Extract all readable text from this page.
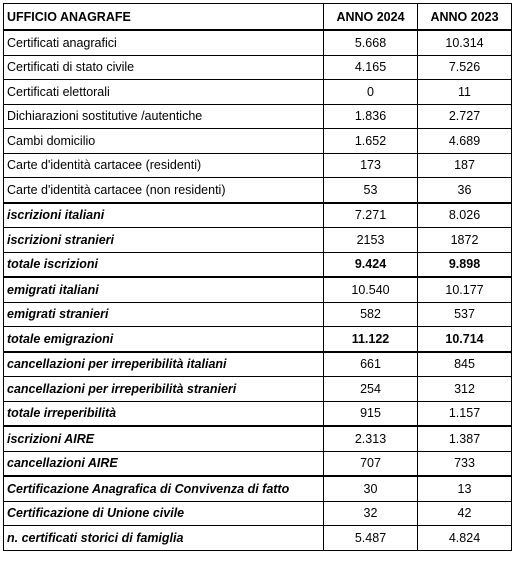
UFFICIO ANAGRAFE	ANNO 2024	ANNO 2023
Certificati anagrafici	5.668	10.314
Certificati di stato civile	4.165	7.526
Certificati elettorali	0	11
Dichiarazioni sostitutive /autentiche	1.836	2.727
Cambi domicilio	1.652	4.689
Carte d'identità cartacee (residenti)	173	187
Carte d'identità cartacee (non residenti)	53	36
iscrizioni italiani	7.271	8.026
iscrizioni stranieri	2153	1872
totale iscrizioni	9.424	9.898
emigrati italiani	10.540	10.177
emigrati stranieri	582	537
totale emigrazioni	11.122	10.714
cancellazioni per irreperibilità italiani	661	845
cancellazioni per irreperibilità stranieri	254	312
totale irreperibilità	915	1.157
iscrizioni AIRE	2.313	1.387
cancellazioni AIRE	707	733
Certificazione Anagrafica di Convivenza di fatto	30	13
Certificazione di Unione civile	32	42
n. certificati storici di famiglia	5.487	4.824
